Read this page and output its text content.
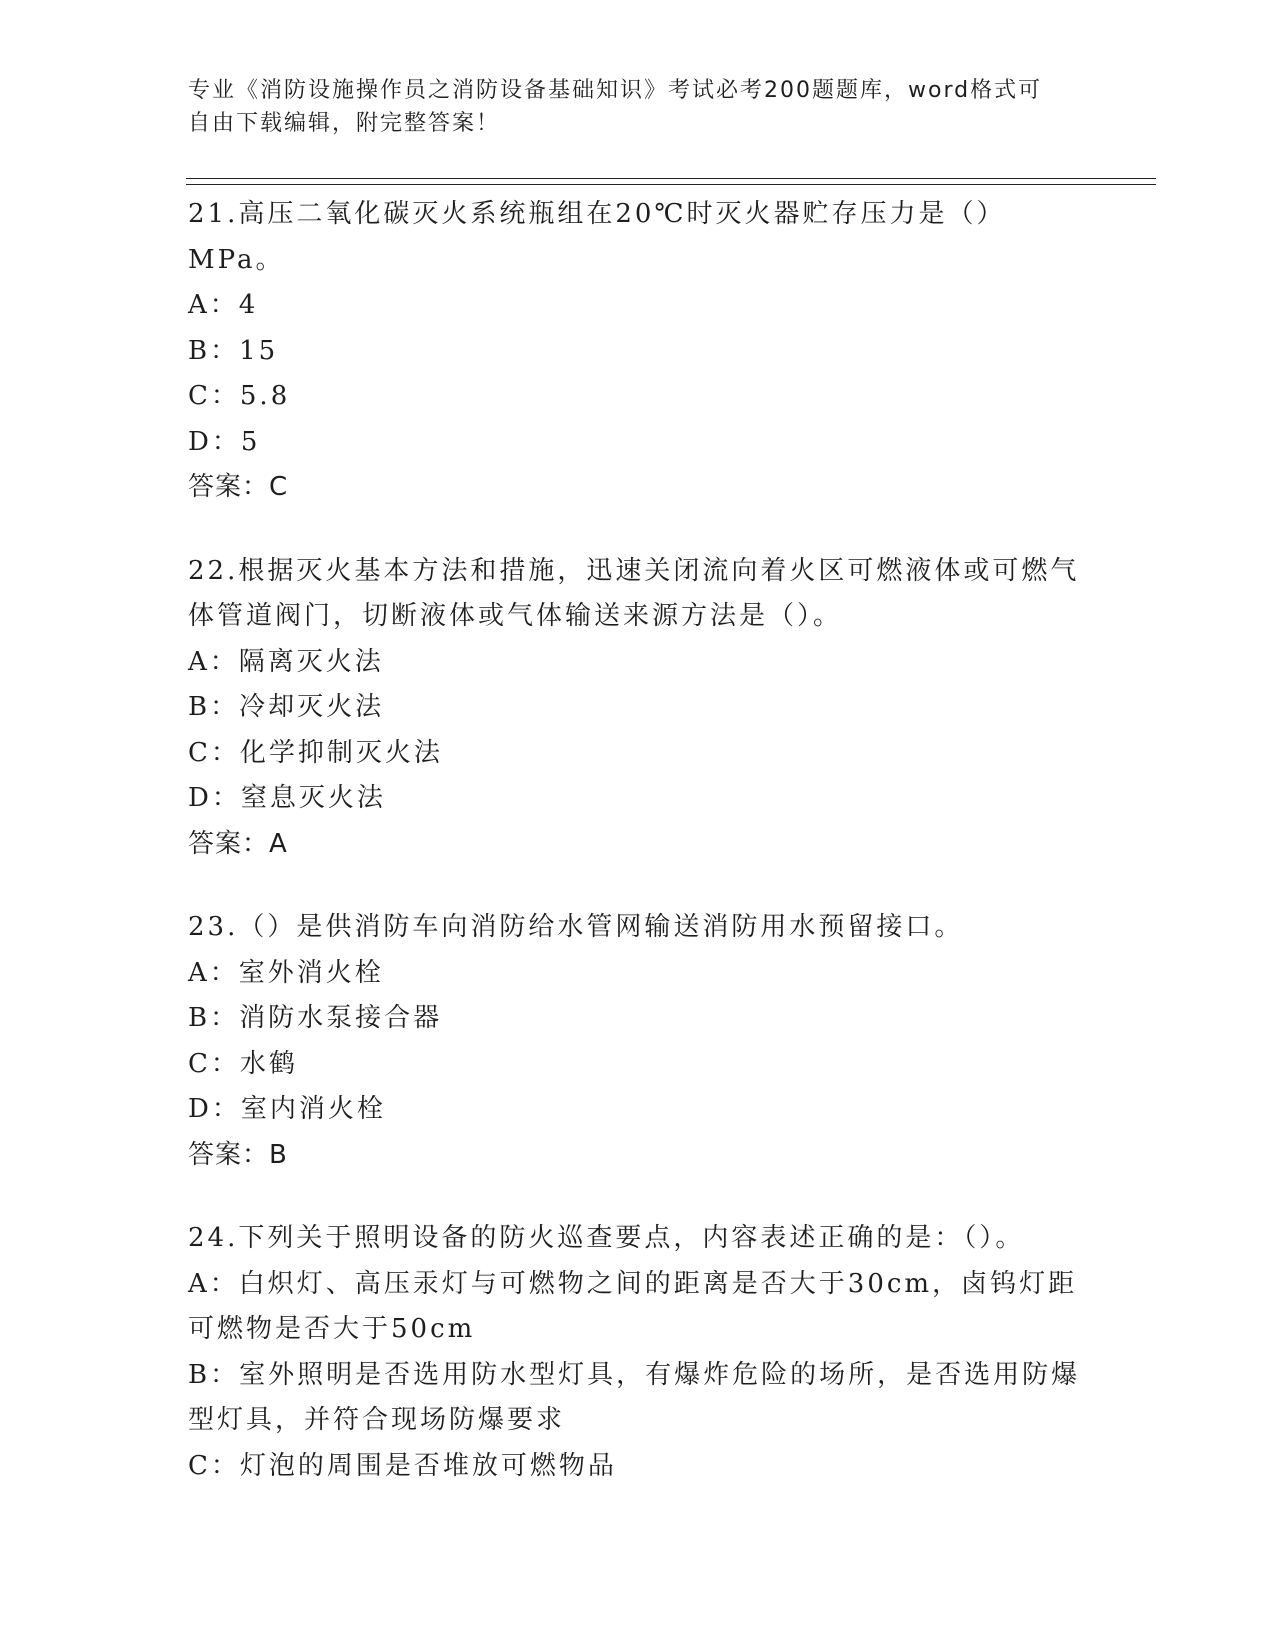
专业《消防设施操作员之消防设备基础知识》考试必考200题题库，word格式可
自由下载编辑，附完整答案！
21.高压二氧化碳灭火系统瓶组在20℃时灭火器贮存压力是（）MPa。
A：4
B：15
C：5.8
D：5
答案：C
22.根据灭火基本方法和措施，迅速关闭流向着火区可燃液体或可燃气体管道阀门，切断液体或气体输送来源方法是（）。
A：隔离灭火法
B：冷却灭火法
C：化学抑制灭火法
D：窒息灭火法
答案：A
23.（）是供消防车向消防给水管网输送消防用水预留接口。
A：室外消火栓
B：消防水泵接合器
C：水鹤
D：室内消火栓
答案：B
24.下列关于照明设备的防火巡查要点，内容表述正确的是：（）。
A：白炽灯、高压汞灯与可燃物之间的距离是否大于30cm，卤钨灯距可燃物是否大于50cm
B：室外照明是否选用防水型灯具，有爆炸危险的场所，是否选用防爆型灯具，并符合现场防爆要求
C：灯泡的周围是否堆放可燃物品
